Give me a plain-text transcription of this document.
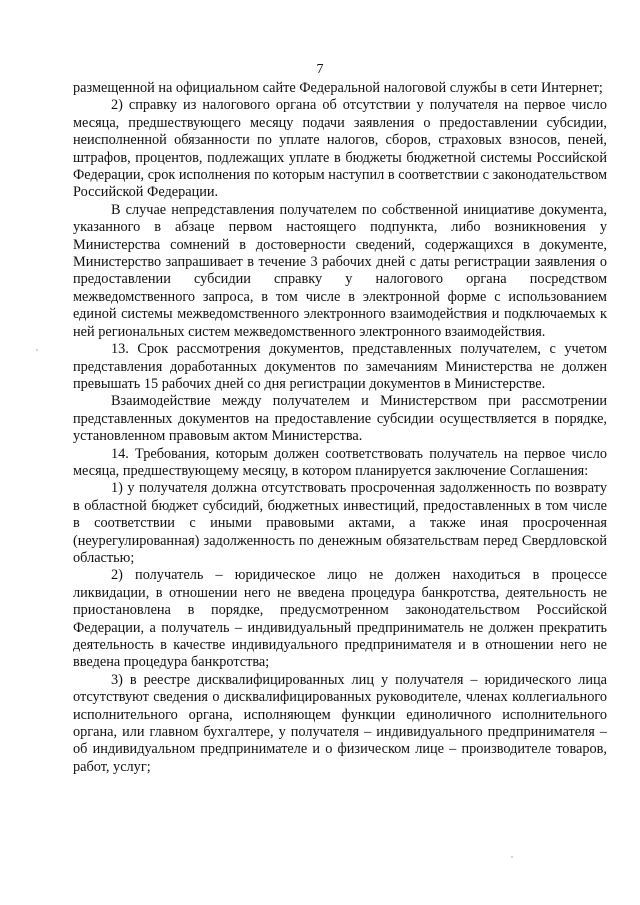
7

размещенной на официальном сайте Федеральной налоговой службы в сети Интернет;

2) справку из налогового органа об отсутствии у получателя на первое число месяца, предшествующего месяцу подачи заявления о предоставлении субсидии, неисполненной обязанности по уплате налогов, сборов, страховых взносов, пеней, штрафов, процентов, подлежащих уплате в бюджеты бюджетной системы Российской Федерации, срок исполнения по которым наступил в соответствии с законодательством Российской Федерации.

В случае непредставления получателем по собственной инициативе документа, указанного в абзаце первом настоящего подпункта, либо возникновения у Министерства сомнений в достоверности сведений, содержащихся в документе, Министерство запрашивает в течение 3 рабочих дней с даты регистрации заявления о предоставлении субсидии справку у налогового органа посредством межведомственного запроса, в том числе в электронной форме с использованием единой системы межведомственного электронного взаимодействия и подключаемых к ней региональных систем межведомственного электронного взаимодействия.

13. Срок рассмотрения документов, представленных получателем, с учетом представления доработанных документов по замечаниям Министерства не должен превышать 15 рабочих дней со дня регистрации документов в Министерстве.

Взаимодействие между получателем и Министерством при рассмотрении представленных документов на предоставление субсидии осуществляется в порядке, установленном правовым актом Министерства.

14. Требования, которым должен соответствовать получатель на первое число месяца, предшествующему месяцу, в котором планируется заключение Соглашения:

1) у получателя должна отсутствовать просроченная задолженность по возврату в областной бюджет субсидий, бюджетных инвестиций, предоставленных в том числе в соответствии с иными правовыми актами, а также иная просроченная (неурегулированная) задолженность по денежным обязательствам перед Свердловской областью;

2) получатель – юридическое лицо не должен находиться в процессе ликвидации, в отношении него не введена процедура банкротства, деятельность не приостановлена в порядке, предусмотренном законодательством Российской Федерации, а получатель – индивидуальный предприниматель не должен прекратить деятельность в качестве индивидуального предпринимателя и в отношении него не введена процедура банкротства;

3) в реестре дисквалифицированных лиц у получателя – юридического лица отсутствуют сведения о дисквалифицированных руководителе, членах коллегиального исполнительного органа, исполняющем функции единоличного исполнительного органа, или главном бухгалтере, у получателя – индивидуального предпринимателя – об индивидуальном предпринимателе и о физическом лице – производителе товаров, работ, услуг;
